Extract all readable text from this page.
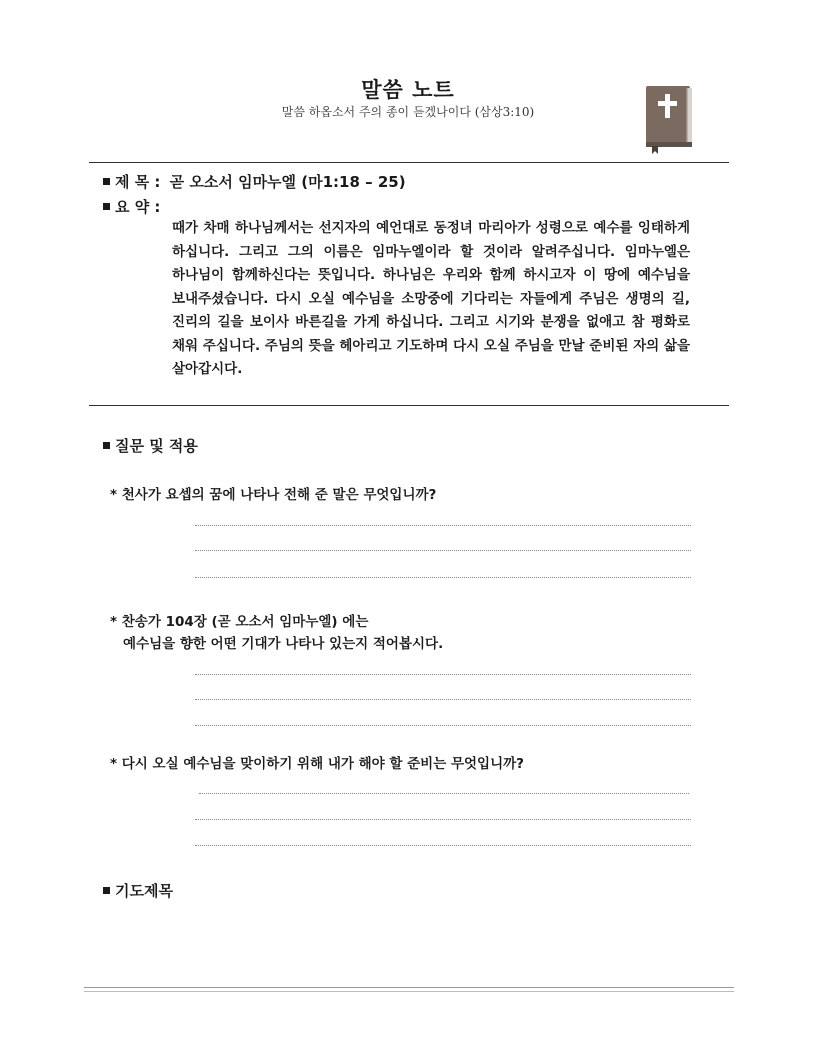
말씀 노트
말씀 하옵소서 주의 종이 듣겠나이다 (삼상3:10)
제 목 : 곧 오소서 임마누엘 (마1:18 – 25)
요 약 :
때가 차매 하나님께서는 선지자의 예언대로 동정녀 마리아가 성령으로 예수를 잉태하게 하십니다. 그리고 그의 이름은 임마누엘이라 할 것이라 알려주십니다. 임마누엘은 하나님이 함께하신다는 뜻입니다. 하나님은 우리와 함께 하시고자 이 땅에 예수님을 보내주셨습니다. 다시 오실 예수님을 소망중에 기다리는 자들에게 주님은 생명의 길, 진리의 길을 보이사 바른길을 가게 하십니다. 그리고 시기와 분쟁을 없애고 참 평화로 채워 주십니다. 주님의 뜻을 헤아리고 기도하며 다시 오실 주님을 만날 준비된 자의 삶을 살아갑시다.
질문 및 적용
* 천사가 요셉의 꿈에 나타나 전해 준 말은 무엇입니까?
* 찬송가 104장 (곧 오소서 임마누엘) 에는
예수님을 향한 어떤 기대가 나타나 있는지 적어봅시다.
* 다시 오실 예수님을 맞이하기 위해 내가 해야 할 준비는 무엇입니까?
기도제목
